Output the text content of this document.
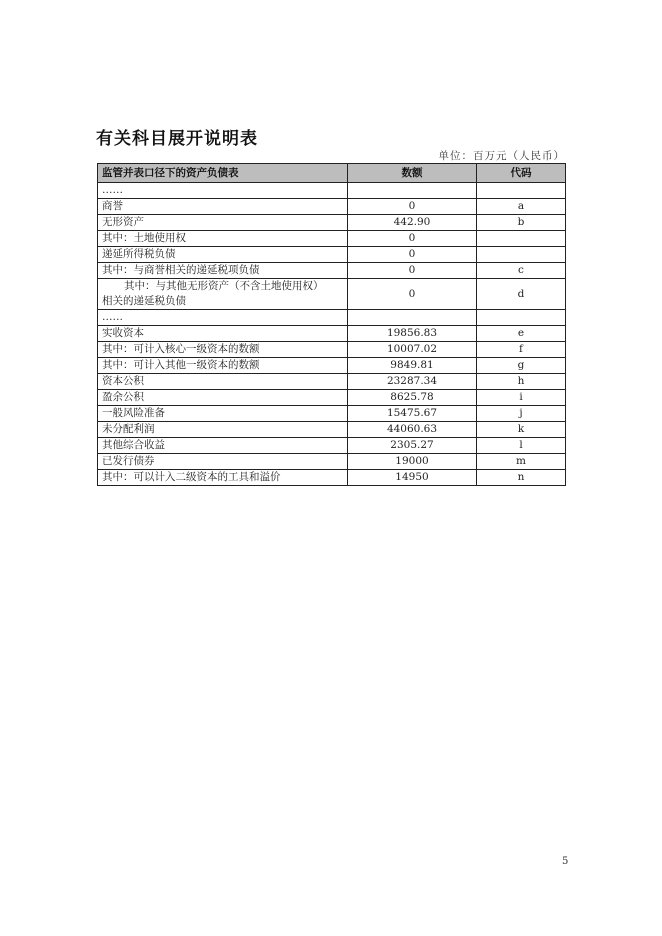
有关科目展开说明表
单位：百万元（人民币）
监管并表口径下的资产负债表	数额	代码
……		
商誉	0	a
无形资产	442.90	b
其中：土地使用权	0	
递延所得税负债	0	
其中：与商誉相关的递延税项负债	0	c

其中：与其他无形资产（不含土地使用权）
相关的递延税负债	0	d
……		
实收资本	19856.83	e
其中：可计入核心一级资本的数额	10007.02	f
其中：可计入其他一级资本的数额	9849.81	g
资本公积	23287.34	h
盈余公积	8625.78	i
一般风险准备	15475.67	j
未分配利润	44060.63	k
其他综合收益	2305.27	l
已发行债券	19000	m
其中：可以计入二级资本的工具和溢价	14950	n
5
